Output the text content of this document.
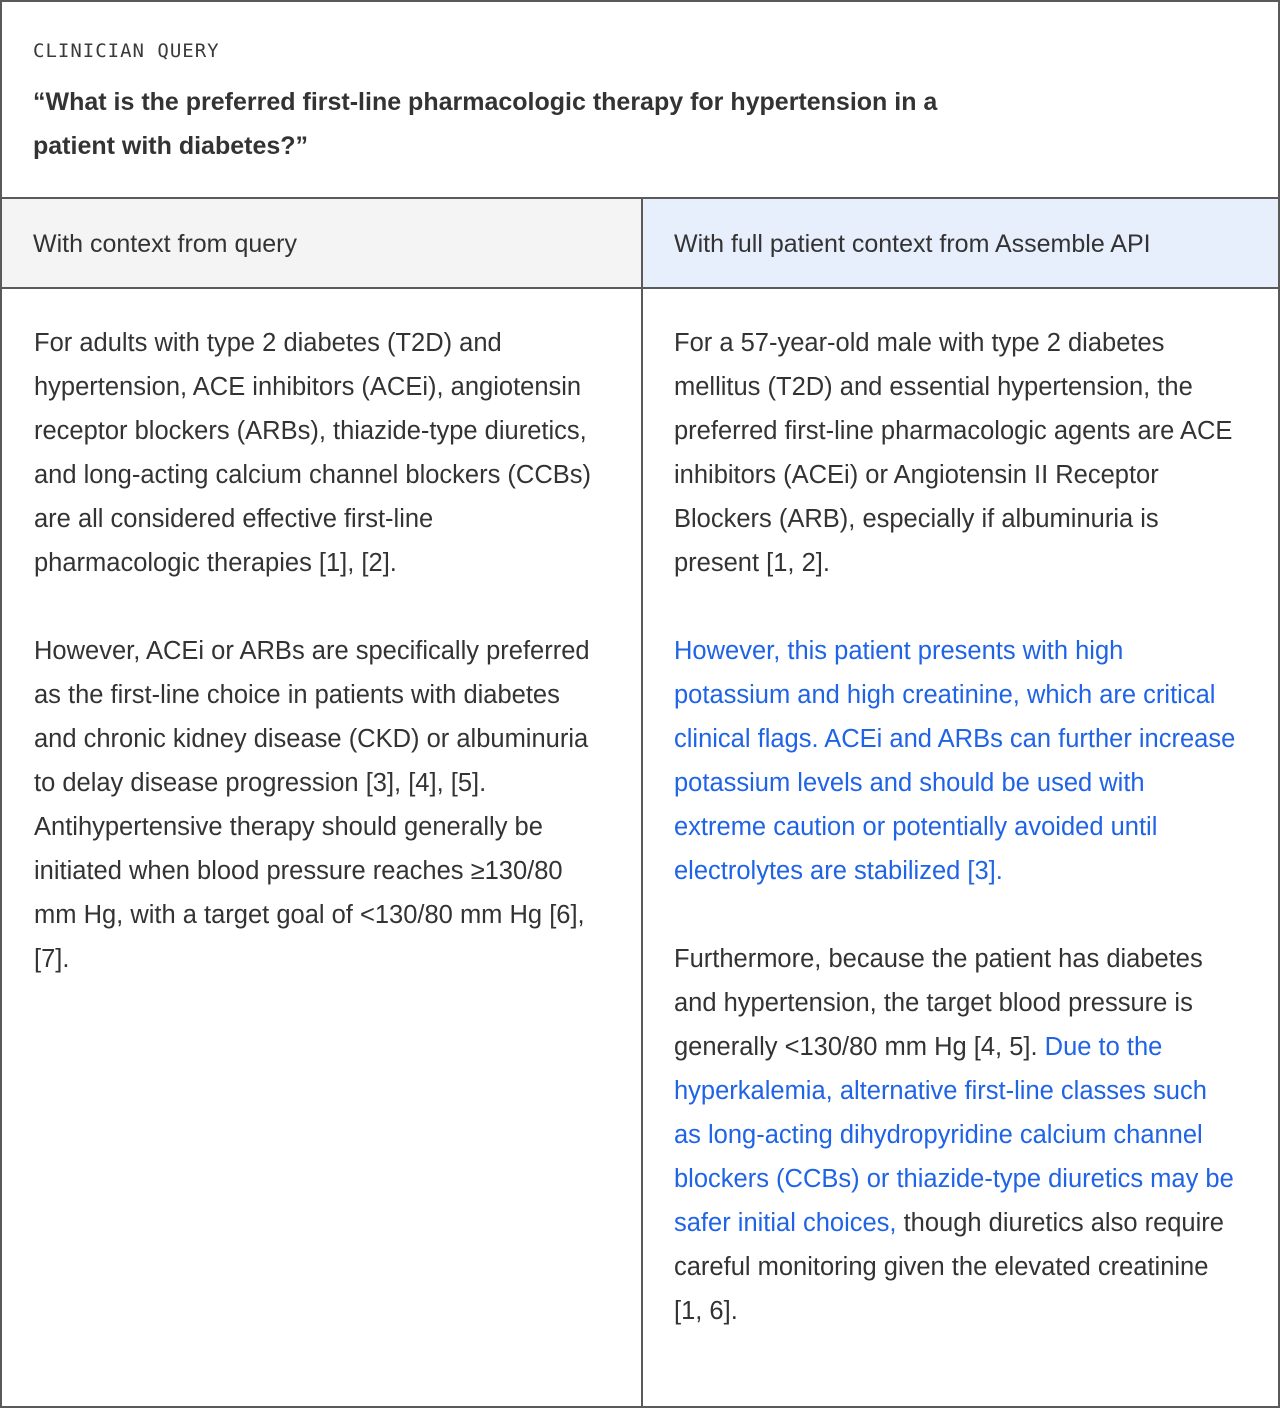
CLINICIAN QUERY
“What is the preferred first-line pharmacologic therapy for hypertension in a patient with diabetes?”
With context from query	With full patient context from Assemble API

For adults with type 2 diabetes (T2D) and hypertension, ACE inhibitors (ACEi), angiotensin receptor blockers (ARBs), thiazide-type diuretics, and long-acting calcium channel blockers (CCBs) are all considered effective first-line pharmacologic therapies [1], [2].

However, ACEi or ARBs are specifically preferred as the first-line choice in patients with diabetes and chronic kidney disease (CKD) or albuminuria to delay disease progression [3], [4], [5]. Antihypertensive therapy should generally be initiated when blood pressure reaches ≥130/80 mm Hg, with a target goal of <130/80 mm Hg [6], [7].

For a 57-year-old male with type 2 diabetes mellitus (T2D) and essential hypertension, the preferred first-line pharmacologic agents are ACE inhibitors (ACEi) or Angiotensin II Receptor Blockers (ARB), especially if albuminuria is present [1, 2].

However, this patient presents with high potassium and high creatinine, which are critical clinical flags. ACEi and ARBs can further increase potassium levels and should be used with extreme caution or potentially avoided until electrolytes are stabilized [3].

Furthermore, because the patient has diabetes and hypertension, the target blood pressure is generally <130/80 mm Hg [4, 5]. Due to the hyperkalemia, alternative first-line classes such as long-acting dihydropyridine calcium channel blockers (CCBs) or thiazide-type diuretics may be safer initial choices, though diuretics also require careful monitoring given the elevated creatinine [1, 6].
